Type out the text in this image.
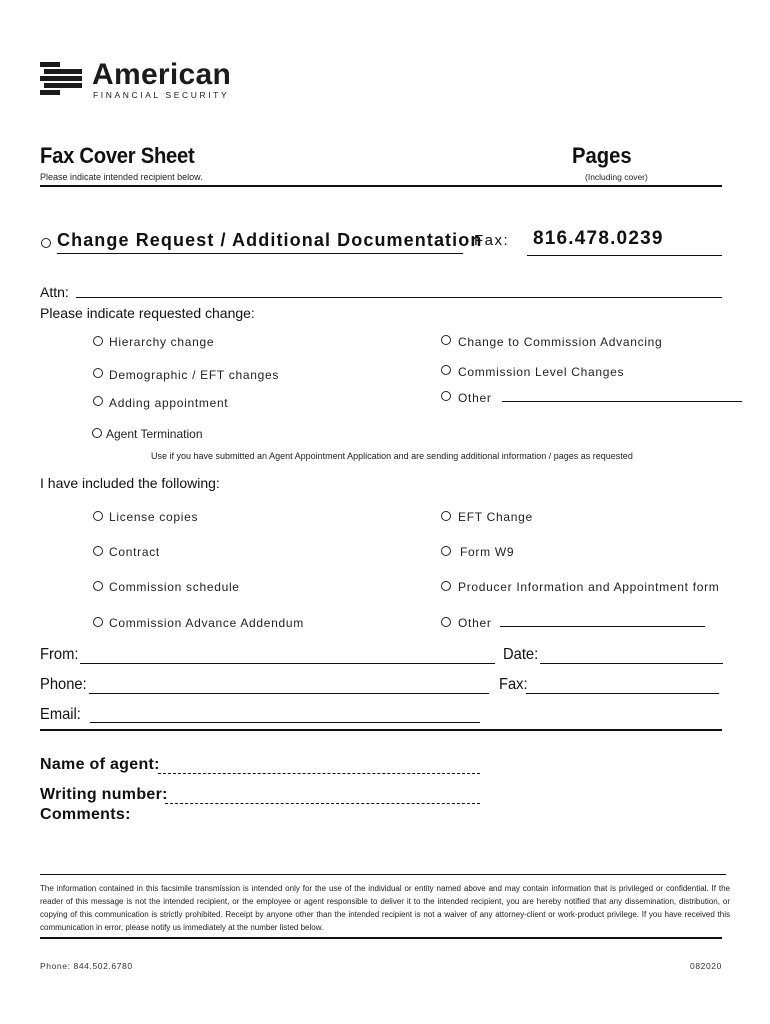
American
FINANCIAL SECURITY
Fax Cover Sheet
Please indicate intended recipient below.
Pages
(Including cover)
Change Request / Additional Documentation
Fax: 816.478.0239
Attn:
Please indicate requested change:
Hierarchy change
Demographic / EFT changes
Adding appointment
Agent Termination
Change to Commission Advancing
Commission Level Changes
Other
Use if you have submitted an Agent Appointment Application and are sending additional information / pages as requested
I have included the following:
License copies
Contract
Commission schedule
Commission Advance Addendum
EFT Change
Form W9
Producer Information and Appointment form
Other
From:	Date:
Phone:	Fax:
Email:
Name of agent:
Writing number:
Comments:
The information contained in this facsimile transmission is intended only for the use of the individual or entity named above and may contain information that is privileged or confidential. If the reader of this message is not the intended recipient, or the employee or agent responsible to deliver it to the intended recipient, you are hereby notified that any dissemination, distribution, or copying of this communication is strictly prohibited. Receipt by anyone other than the intended recipient is not a waiver of any attorney-client or work-product privilege. If you have received this communication in error, please notify us immediately at the number listed below.
Phone: 844.502.6780	082020
